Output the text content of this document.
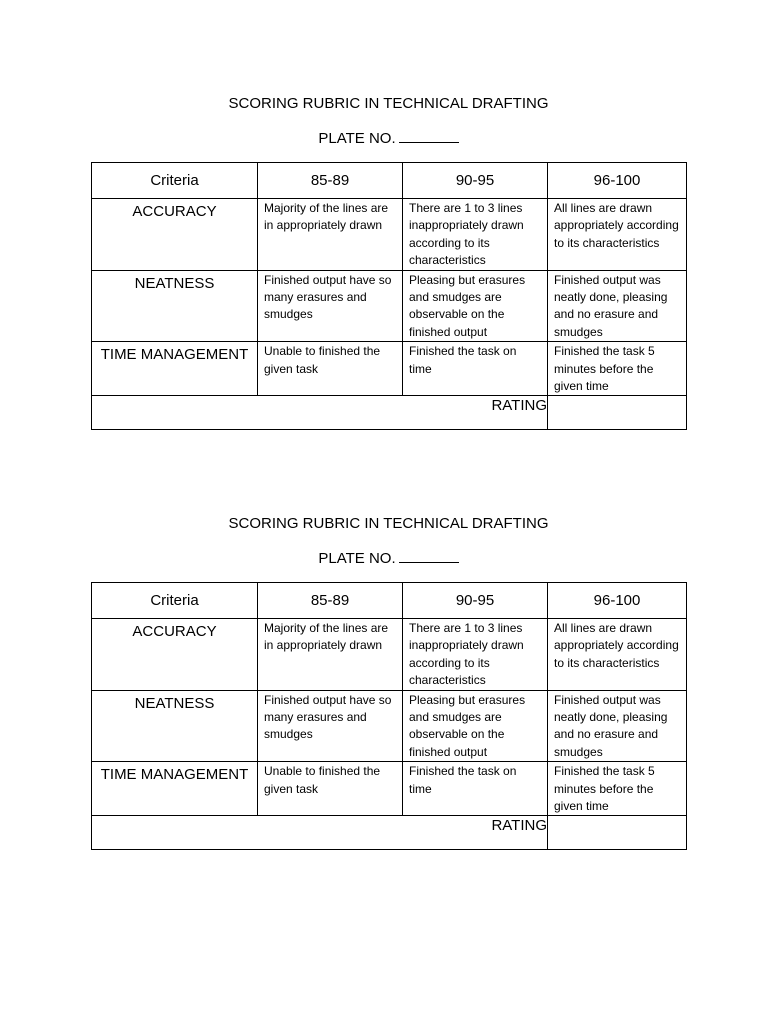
SCORING RUBRIC IN TECHNICAL DRAFTING
PLATE NO.
Criteria	85-89	90-95	96-100

ACCURACY	Majority of the lines are in appropriately drawn	There are 1 to 3 lines inappropriately drawn according to its characteristics	All lines are drawn appropriately according to its characteristics

NEATNESS	Finished output have so many erasures and smudges	Pleasing but erasures and smudges are observable on the finished output	Finished output was neatly done, pleasing and no erasure and smudges

TIME MANAGEMENT	Unable to finished the given task	Finished the task on time	Finished the task 5 minutes before the given time

RATING			
SCORING RUBRIC IN TECHNICAL DRAFTING
PLATE NO.
Criteria	85-89	90-95	96-100

ACCURACY	Majority of the lines are in appropriately drawn	There are 1 to 3 lines inappropriately drawn according to its characteristics	All lines are drawn appropriately according to its characteristics

NEATNESS	Finished output have so many erasures and smudges	Pleasing but erasures and smudges are observable on the finished output	Finished output was neatly done, pleasing and no erasure and smudges

TIME MANAGEMENT	Unable to finished the given task	Finished the task on time	Finished the task 5 minutes before the given time

RATING			
